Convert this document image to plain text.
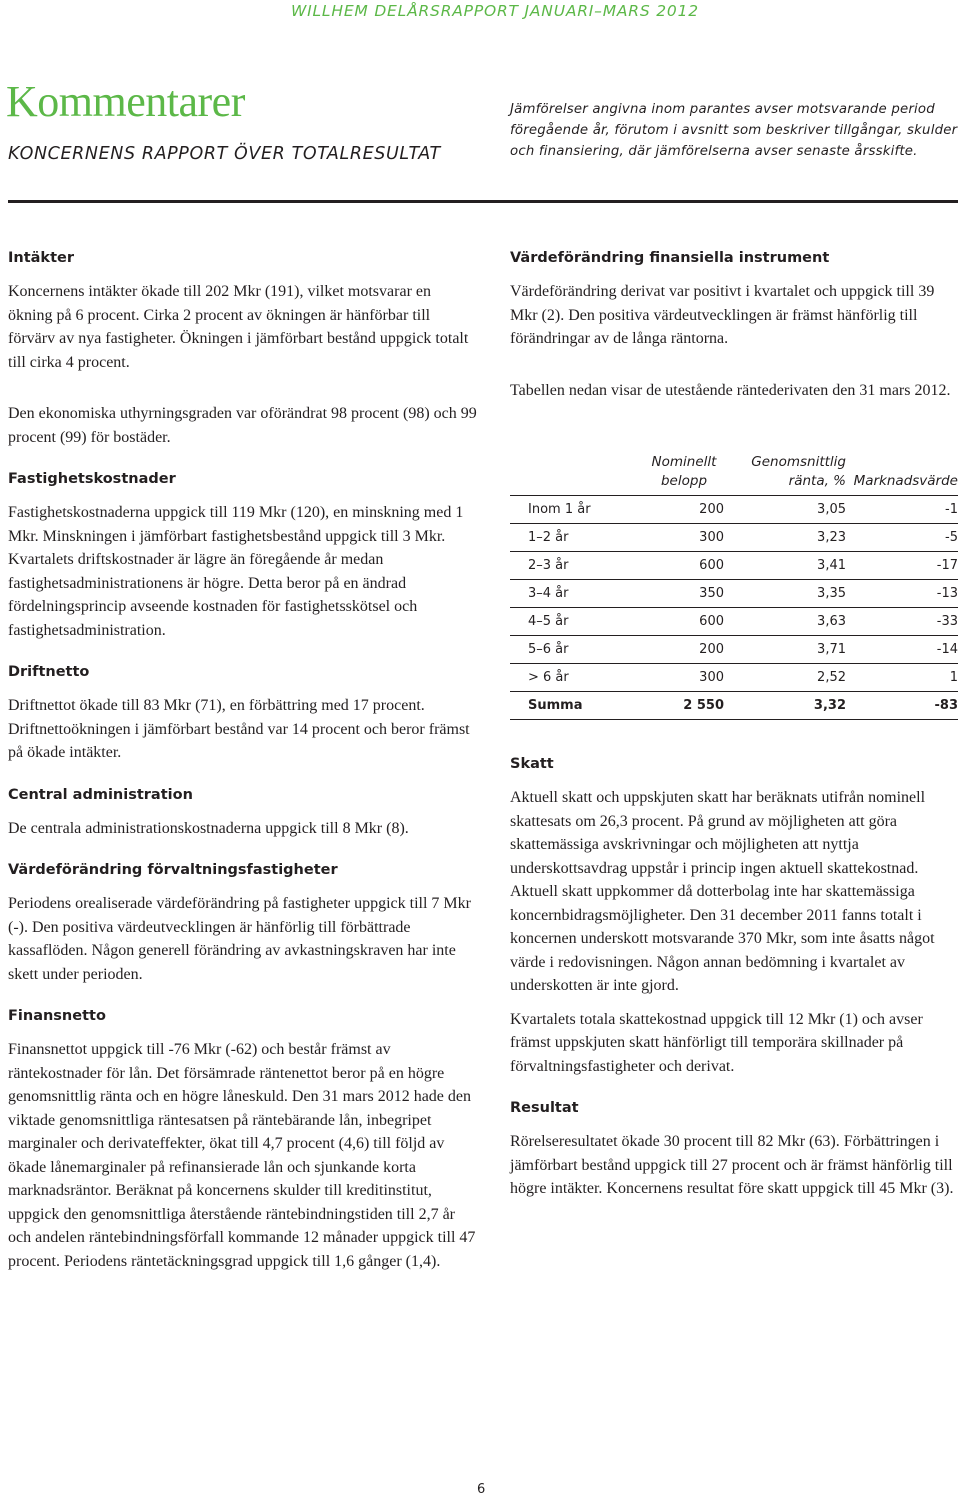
WILLHEM DELÅRSRAPPORT JANUARI–MARS 2012
Kommentarer
KONCERNENS RAPPORT ÖVER TOTALRESULTAT
Jämförelser angivna inom parantes avser motsvarande period föregående år, förutom i avsnitt som beskriver tillgångar, skulder och finansiering, där jämförelserna avser senaste årsskifte.
Intäkter

Koncernens intäkter ökade till 202 Mkr (191), vilket motsvarar en ökning på 6 procent. Cirka 2 procent av ökningen är hänförbar till förvärv av nya fastigheter. Ökningen i jämförbart bestånd uppgick totalt till cirka 4 procent.

Den ekonomiska uthyrningsgraden var oförändrat 98 procent (98) och 99 procent (99) för bostäder.

Fastighetskostnader

Fastighetskostnaderna uppgick till 119 Mkr (120), en minskning med 1 Mkr. Minskningen i jämförbart fastighetsbestånd uppgick till 3 Mkr. Kvartalets driftskostnader är lägre än föregående år medan fastighetsadministrationens är högre. Detta beror på en ändrad fördelningsprincip avseende kostnaden för fastighetsskötsel och fastighetsadministration.

Driftnetto

Driftnettot ökade till 83 Mkr (71), en förbättring med 17 procent. Driftnettoökningen i jämförbart bestånd var 14 procent och beror främst på ökade intäkter.

Central administration

De centrala administrationskostnaderna uppgick till 8 Mkr (8).

Värdeförändring förvaltningsfastigheter

Periodens orealiserade värdeförändring på fastigheter uppgick till 7 Mkr (-). Den positiva värdeutvecklingen är hänförlig till förbättrade kassaflöden. Någon generell förändring av avkastningskraven har inte skett under perioden.

Finansnetto

Finansnettot uppgick till -76 Mkr (-62) och består främst av räntekostnader för lån. Det försämrade räntenettot beror på en högre genomsnittlig ränta och en högre låneskuld. Den 31 mars 2012 hade den viktade genomsnittliga räntesatsen på räntebärande lån, inbegripet marginaler och derivateffekter, ökat till 4,7 procent (4,6) till följd av ökade lånemarginaler på refinansierade lån och sjunkande korta marknadsräntor. Beräknat på koncernens skulder till kreditinstitut, uppgick den genomsnittliga återstående räntebindningstiden till 2,7 år och andelen räntebindningsförfall kommande 12 månader uppgick till 47 procent. Periodens räntetäckningsgrad uppgick till 1,6 gånger (1,4).

Värdeförändring finansiella instrument

Värdeförändring derivat var positivt i kvartalet och uppgick till 39 Mkr (2). Den positiva värdeutvecklingen är främst hänförlig till förändringar av de långa räntorna.

Tabellen nedan visar de utestående räntederivaten den 31 mars 2012.

	Nominellt belopp	Genomsnittlig ränta, %	Marknadsvärde
Inom 1 år	200	3,05	-1
1–2 år	300	3,23	-5
2–3 år	600	3,41	-17
3–4 år	350	3,35	-13
4–5 år	600	3,63	-33
5–6 år	200	3,71	-14
> 6 år	300	2,52	1
Summa	2 550	3,32	-83
Skatt

Aktuell skatt och uppskjuten skatt har beräknats utifrån nominell skattesats om 26,3 procent. På grund av möjligheten att göra skattemässiga avskrivningar och möjligheten att nyttja underskottsavdrag uppstår i princip ingen aktuell skattekostnad. Aktuell skatt uppkommer då dotterbolag inte har skattemässiga koncernbidragsmöjligheter. Den 31 december 2011 fanns totalt i koncernen underskott motsvarande 370 Mkr, som inte åsatts något värde i redovisningen. Någon annan bedömning i kvartalet av underskotten är inte gjord.

Kvartalets totala skattekostnad uppgick till 12 Mkr (1) och avser främst uppskjuten skatt hänförligt till temporära skillnader på förvaltningsfastigheter och derivat.

Resultat

Rörelseresultatet ökade 30 procent till 82 Mkr (63). Förbättringen i jämförbart bestånd uppgick till 27 procent och är främst hänförlig till högre intäkter. Koncernens resultat före skatt uppgick till 45 Mkr (3).

6
